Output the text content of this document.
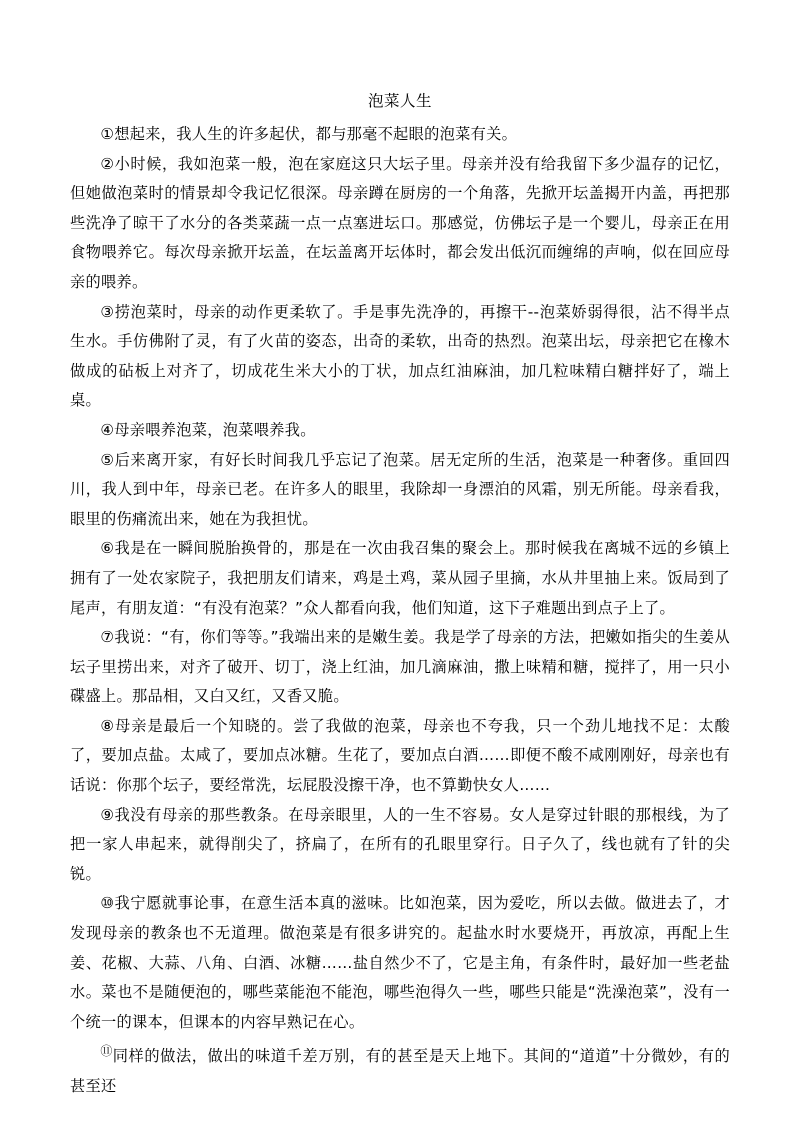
泡菜人生

①想起来，我人生的许多起伏，都与那毫不起眼的泡菜有关。

②小时候，我如泡菜一般，泡在家庭这只大坛子里。母亲并没有给我留下多少温存的记忆，但她做泡菜时的情景却令我记忆很深。母亲蹲在厨房的一个角落，先掀开坛盖揭开内盖，再把那些洗净了晾干了水分的各类菜蔬一点一点塞进坛口。那感觉，仿佛坛子是一个婴儿，母亲正在用食物喂养它。每次母亲掀开坛盖，在坛盖离开坛体时，都会发出低沉而缠绵的声响，似在回应母亲的喂养。

③捞泡菜时，母亲的动作更柔软了。手是事先洗净的，再擦干--泡菜娇弱得很，沾不得半点生水。手仿佛附了灵，有了火苗的姿态，出奇的柔软，出奇的热烈。泡菜出坛，母亲把它在橡木做成的砧板上对齐了，切成花生米大小的丁状，加点红油麻油，加几粒味精白糖拌好了，端上桌。

④母亲喂养泡菜，泡菜喂养我。

⑤后来离开家，有好长时间我几乎忘记了泡菜。居无定所的生活，泡菜是一种奢侈。重回四川，我人到中年，母亲已老。在许多人的眼里，我除却一身漂泊的风霜，别无所能。母亲看我，眼里的伤痛流出来，她在为我担忧。

⑥我是在一瞬间脱胎换骨的，那是在一次由我召集的聚会上。那时候我在离城不远的乡镇上拥有了一处农家院子，我把朋友们请来，鸡是土鸡，菜从园子里摘，水从井里抽上来。饭局到了尾声，有朋友道：“有没有泡菜？”众人都看向我，他们知道，这下子难题出到点子上了。

⑦我说：“有，你们等等。”我端出来的是嫩生姜。我是学了母亲的方法，把嫩如指尖的生姜从坛子里捞出来，对齐了破开、切丁，浇上红油，加几滴麻油，撒上味精和糖，搅拌了，用一只小碟盛上。那品相，又白又红，又香又脆。

⑧母亲是最后一个知晓的。尝了我做的泡菜，母亲也不夸我，只一个劲儿地找不足：太酸了，要加点盐。太咸了，要加点冰糖。生花了，要加点白酒……即便不酸不咸刚刚好，母亲也有话说：你那个坛子，要经常洗，坛屁股没擦干净，也不算勤快女人……

⑨我没有母亲的那些教条。在母亲眼里，人的一生不容易。女人是穿过针眼的那根线，为了把一家人串起来，就得削尖了，挤扁了，在所有的孔眼里穿行。日子久了，线也就有了针的尖锐。

⑩我宁愿就事论事，在意生活本真的滋味。比如泡菜，因为爱吃，所以去做。做进去了，才发现母亲的教条也不无道理。做泡菜是有很多讲究的。起盐水时水要烧开，再放凉，再配上生姜、花椒、大蒜、八角、白酒、冰糖……盐自然少不了，它是主角，有条件时，最好加一些老盐水。菜也不是随便泡的，哪些菜能泡不能泡，哪些泡得久一些，哪些只能是“洗澡泡菜”，没有一个统一的课本，但课本的内容早熟记在心。

⑪同样的做法，做出的味道千差万别，有的甚至是天上地下。其间的“道道”十分微妙，有的甚至还
